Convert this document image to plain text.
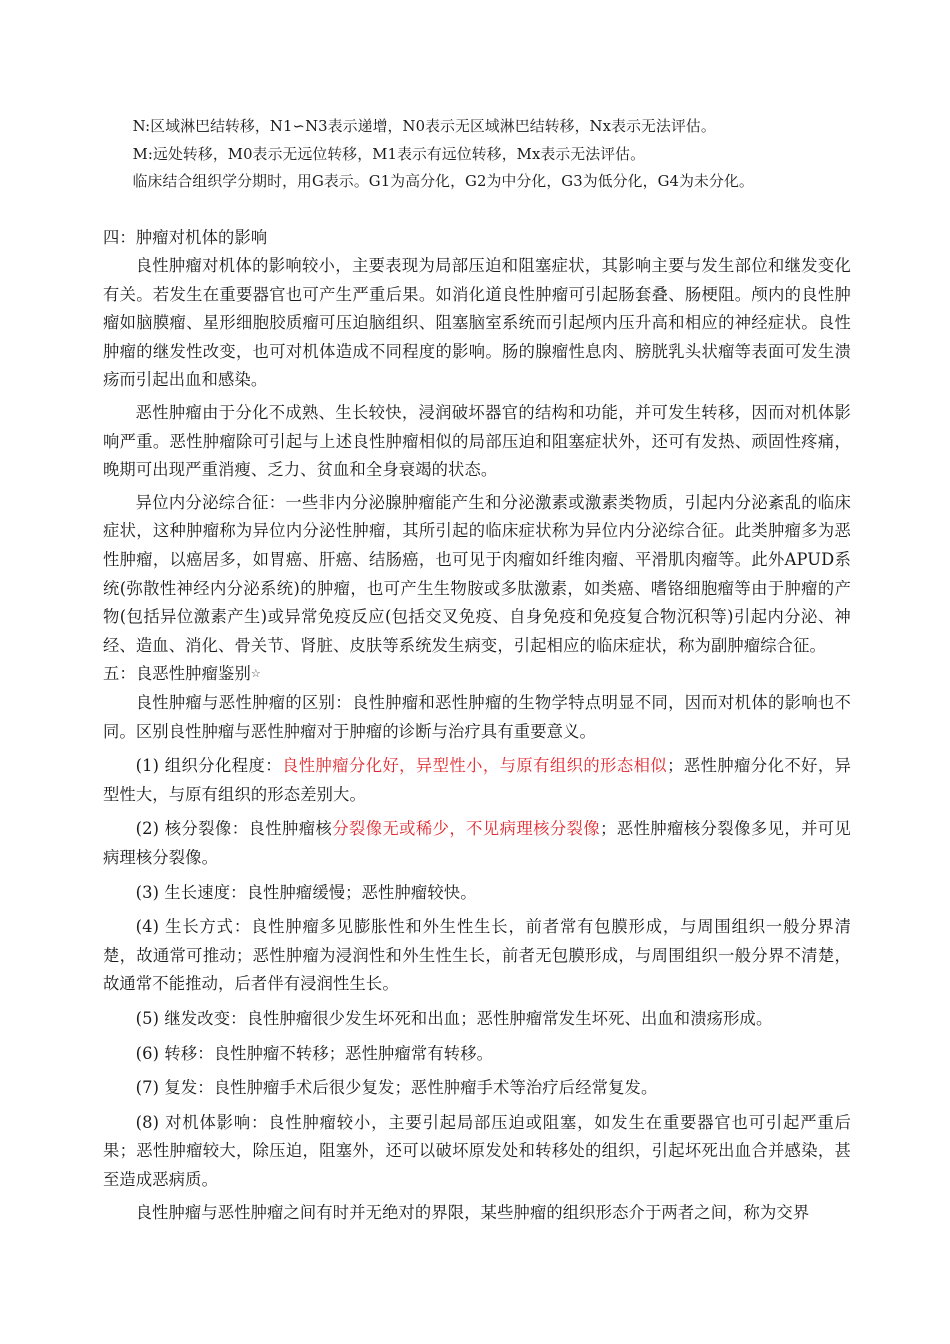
N:区域淋巴结转移，N1∽N3表示递增，N0表示无区域淋巴结转移，Nx表示无法评估。

M:远处转移，M0表示无远位转移，M1表示有远位转移，Mx表示无法评估。

临床结合组织学分期时，用G表示。G1为高分化，G2为中分化，G3为低分化，G4为未分化。

四：肿瘤对机体的影响

良性肿瘤对机体的影响较小，主要表现为局部压迫和阻塞症状，其影响主要与发生部位和继发变化有关。若发生在重要器官也可产生严重后果。如消化道良性肿瘤可引起肠套叠、肠梗阻。颅内的良性肿瘤如脑膜瘤、星形细胞胶质瘤可压迫脑组织、阻塞脑室系统而引起颅内压升高和相应的神经症状。良性肿瘤的继发性改变，也可对机体造成不同程度的影响。肠的腺瘤性息肉、膀胱乳头状瘤等表面可发生溃疡而引起出血和感染。

恶性肿瘤由于分化不成熟、生长较快，浸润破坏器官的结构和功能，并可发生转移，因而对机体影响严重。恶性肿瘤除可引起与上述良性肿瘤相似的局部压迫和阻塞症状外，还可有发热、顽固性疼痛，晚期可出现严重消瘦、乏力、贫血和全身衰竭的状态。

异位内分泌综合征：一些非内分泌腺肿瘤能产生和分泌激素或激素类物质，引起内分泌紊乱的临床症状，这种肿瘤称为异位内分泌性肿瘤，其所引起的临床症状称为异位内分泌综合征。此类肿瘤多为恶性肿瘤，以癌居多，如胃癌、肝癌、结肠癌，也可见于肉瘤如纤维肉瘤、平滑肌肉瘤等。此外APUD系统(弥散性神经内分泌系统)的肿瘤，也可产生生物胺或多肽激素，如类癌、嗜铬细胞瘤等由于肿瘤的产物(包括异位激素产生)或异常免疫反应(包括交叉免疫、自身免疫和免疫复合物沉积等)引起内分泌、神经、造血、消化、骨关节、肾脏、皮肤等系统发生病变，引起相应的临床症状，称为副肿瘤综合征。

五：良恶性肿瘤鉴别☆

良性肿瘤与恶性肿瘤的区别：良性肿瘤和恶性肿瘤的生物学特点明显不同，因而对机体的影响也不同。区别良性肿瘤与恶性肿瘤对于肿瘤的诊断与治疗具有重要意义。

(1) 组织分化程度：良性肿瘤分化好，异型性小，与原有组织的形态相似；恶性肿瘤分化不好，异型性大，与原有组织的形态差别大。

(2) 核分裂像：良性肿瘤核分裂像无或稀少，不见病理核分裂像；恶性肿瘤核分裂像多见，并可见病理核分裂像。

(3) 生长速度：良性肿瘤缓慢；恶性肿瘤较快。

(4) 生长方式：良性肿瘤多见膨胀性和外生性生长，前者常有包膜形成，与周围组织一般分界清楚，故通常可推动；恶性肿瘤为浸润性和外生性生长，前者无包膜形成，与周围组织一般分界不清楚，故通常不能推动，后者伴有浸润性生长。

(5) 继发改变：良性肿瘤很少发生坏死和出血；恶性肿瘤常发生坏死、出血和溃疡形成。

(6) 转移：良性肿瘤不转移；恶性肿瘤常有转移。

(7) 复发：良性肿瘤手术后很少复发；恶性肿瘤手术等治疗后经常复发。

(8) 对机体影响：良性肿瘤较小，主要引起局部压迫或阻塞，如发生在重要器官也可引起严重后果；恶性肿瘤较大，除压迫，阻塞外，还可以破坏原发处和转移处的组织，引起坏死出血合并感染，甚至造成恶病质。

良性肿瘤与恶性肿瘤之间有时并无绝对的界限，某些肿瘤的组织形态介于两者之间，称为交界
